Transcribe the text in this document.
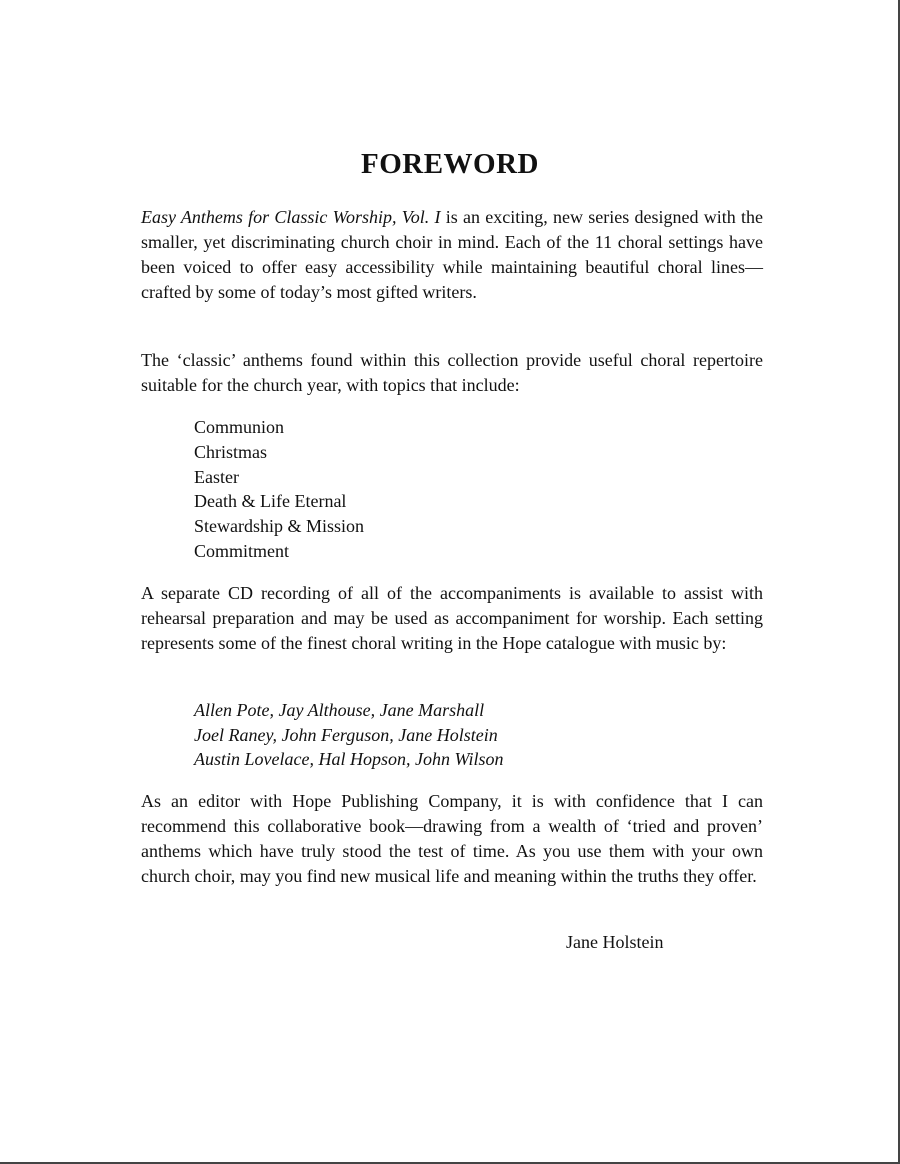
FOREWORD

Easy Anthems for Classic Worship, Vol. I is an exciting, new series designed with the smaller, yet discriminating church choir in mind. Each of the 11 choral settings have been voiced to offer easy accessibility while maintaining beautiful choral lines—crafted by some of today’s most gifted writers.

The ‘classic’ anthems found within this collection provide useful choral repertoire suitable for the church year, with topics that include:

Communion
Christmas
Easter
Death & Life Eternal
Stewardship & Mission
Commitment

A separate CD recording of all of the accompaniments is available to assist with rehearsal preparation and may be used as accompaniment for worship. Each setting represents some of the finest choral writing in the Hope catalogue with music by:

Allen Pote, Jay Althouse, Jane Marshall
Joel Raney, John Ferguson, Jane Holstein
Austin Lovelace, Hal Hopson, John Wilson

As an editor with Hope Publishing Company, it is with confidence that I can recommend this collaborative book—drawing from a wealth of ‘tried and proven’ anthems which have truly stood the test of time. As you use them with your own church choir, may you find new musical life and meaning within the truths they offer.

Jane Holstein
